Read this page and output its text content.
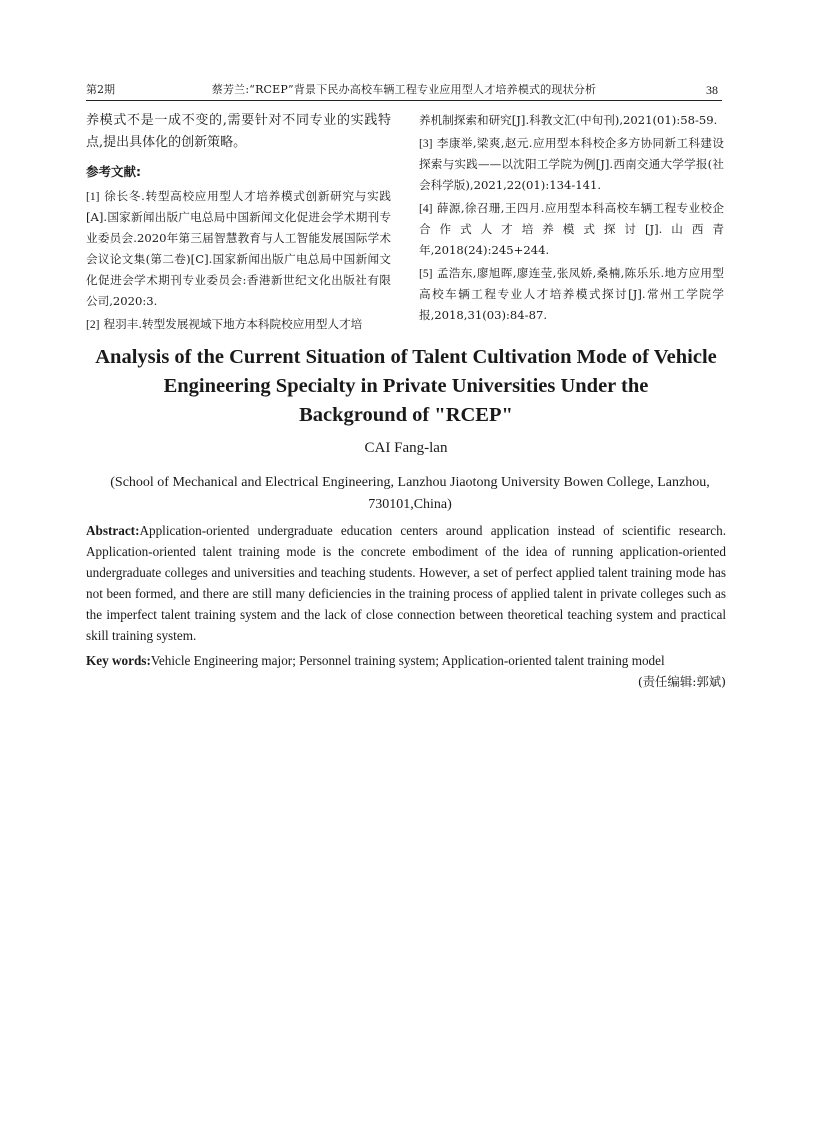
第2期	蔡芳兰:“RCEP”背景下民办高校车辆工程专业应用型人才培养模式的现状分析	38

养模式不是一成不变的,需要针对不同专业的实践特点,提出具体化的创新策略。

参考文献:

[1] 徐长冬.转型高校应用型人才培养模式创新研究与实践[A].国家新闻出版广电总局中国新闻文化促进会学术期刊专业委员会.2020年第三届智慧教育与人工智能发展国际学术会议论文集(第二卷)[C].国家新闻出版广电总局中国新闻文化促进会学术期刊专业委员会:香港新世纪文化出版社有限公司,2020:3.

[2] 程羽丰.转型发展视域下地方本科院校应用型人才培

养机制探索和研究[J].科教文汇(中旬刊),2021(01):58-59.

[3] 李康举,梁爽,赵元.应用型本科校企多方协同新工科建设探索与实践——以沈阳工学院为例[J].西南交通大学学报(社会科学版),2021,22(01):134-141.

[4] 薛源,徐召珊,王四月.应用型本科高校车辆工程专业校企合作式人才培养模式探讨[J].山西青年,2018(24):245+244.

[5] 孟浩东,廖旭晖,廖连莹,张凤娇,桑楠,陈乐乐.地方应用型高校车辆工程专业人才培养模式探讨[J].常州工学院学报,2018,31(03):84-87.

Analysis of the Current Situation of Talent Cultivation Mode of Vehicle
Engineering Specialty in Private Universities Under the
Background of "RCEP"

CAI Fang-lan

(School of Mechanical and Electrical Engineering, Lanzhou Jiaotong University Bowen College, Lanzhou, 730101,China)

Abstract:Application-oriented undergraduate education centers around application instead of scientific research. Application-oriented talent training mode is the concrete embodiment of the idea of running application-oriented undergraduate colleges and universities and teaching students. However, a set of perfect applied talent training mode has not been formed, and there are still many deficiencies in the training process of applied talent in private colleges such as the imperfect talent training system and the lack of close connection between theoretical teaching system and practical skill training system.

Key words:Vehicle Engineering major; Personnel training system; Application-oriented talent training model

(责任编辑:郭斌)
